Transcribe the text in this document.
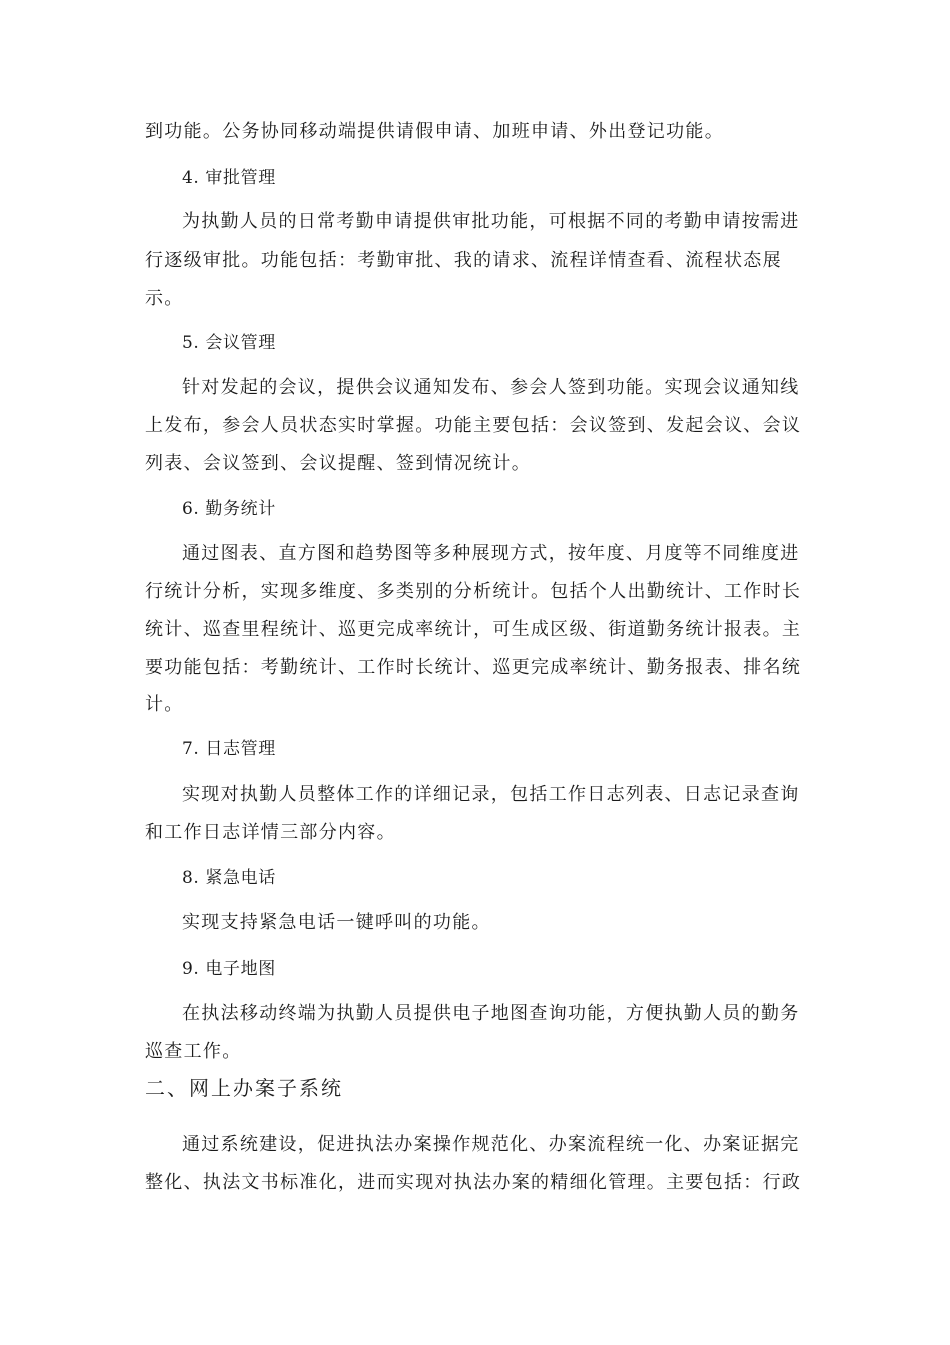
到功能。公务协同移动端提供请假申请、加班申请、外出登记功能。
4. 审批管理
为执勤人员的日常考勤申请提供审批功能，可根据不同的考勤申请按需进
行逐级审批。功能包括：考勤审批、我的请求、流程详情查看、流程状态展
示。
5. 会议管理
针对发起的会议，提供会议通知发布、参会人签到功能。实现会议通知线
上发布，参会人员状态实时掌握。功能主要包括：会议签到、发起会议、会议
列表、会议签到、会议提醒、签到情况统计。
6. 勤务统计
通过图表、直方图和趋势图等多种展现方式，按年度、月度等不同维度进
行统计分析，实现多维度、多类别的分析统计。包括个人出勤统计、工作时长
统计、巡查里程统计、巡更完成率统计，可生成区级、街道勤务统计报表。主
要功能包括：考勤统计、工作时长统计、巡更完成率统计、勤务报表、排名统
计。
7. 日志管理
实现对执勤人员整体工作的详细记录，包括工作日志列表、日志记录查询
和工作日志详情三部分内容。
8. 紧急电话
实现支持紧急电话一键呼叫的功能。
9. 电子地图
在执法移动终端为执勤人员提供电子地图查询功能，方便执勤人员的勤务
巡查工作。
二、网上办案子系统
通过系统建设，促进执法办案操作规范化、办案流程统一化、办案证据完
整化、执法文书标准化，进而实现对执法办案的精细化管理。主要包括：行政
